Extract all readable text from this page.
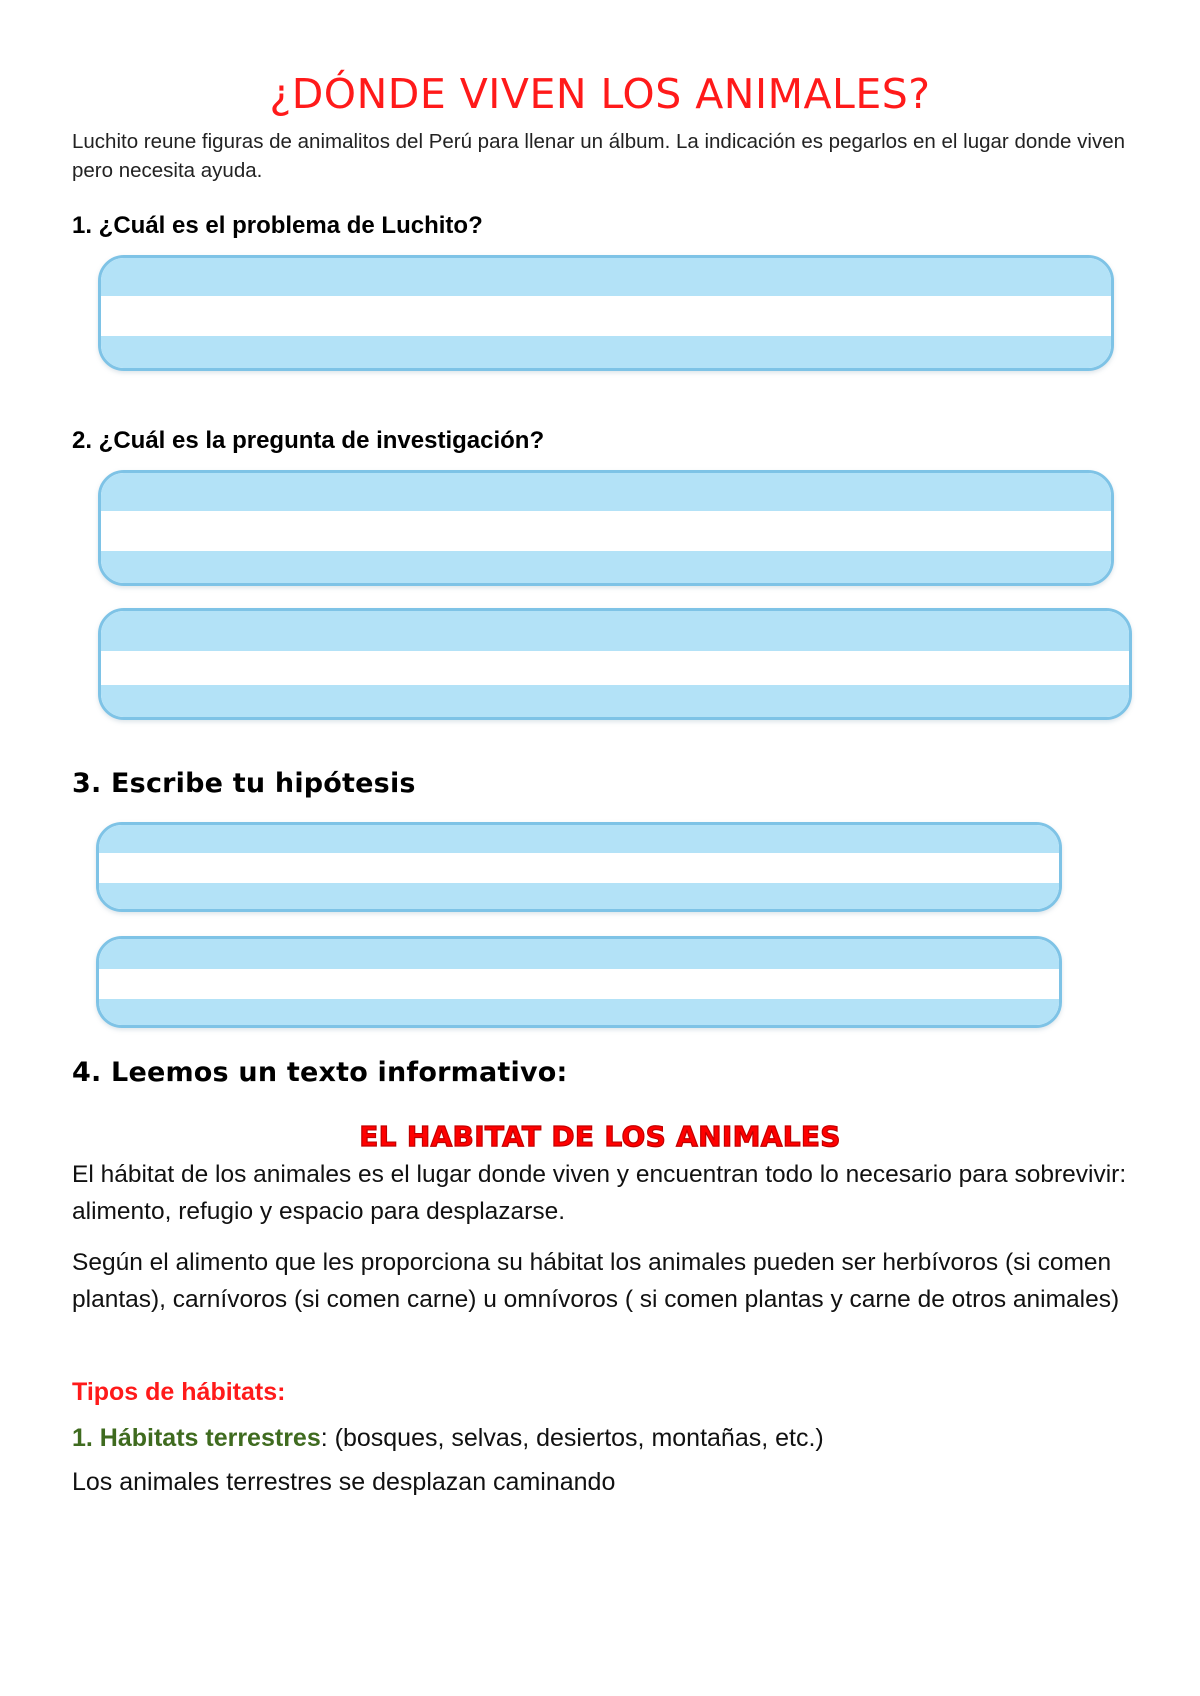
¿DÓNDE VIVEN LOS ANIMALES?

Luchito reune figuras de animalitos del Perú para llenar un álbum. La indicación es pegarlos en el lugar donde viven pero necesita ayuda.

1. ¿Cuál es el problema de Luchito?

2. ¿Cuál es la pregunta de investigación?

3. Escribe tu hipótesis

4. Leemos un texto informativo:

EL HABITAT DE LOS ANIMALES

El hábitat de los animales es el lugar donde viven y encuentran todo lo necesario para sobrevivir: alimento, refugio y espacio para desplazarse.

Según el alimento que les proporciona su hábitat los animales pueden ser herbívoros (si comen plantas), carnívoros (si comen carne) u omnívoros ( si comen plantas y carne de otros animales)

Tipos de hábitats:

1. Hábitats terrestres: (bosques, selvas, desiertos, montañas, etc.)

Los animales terrestres se desplazan caminando
